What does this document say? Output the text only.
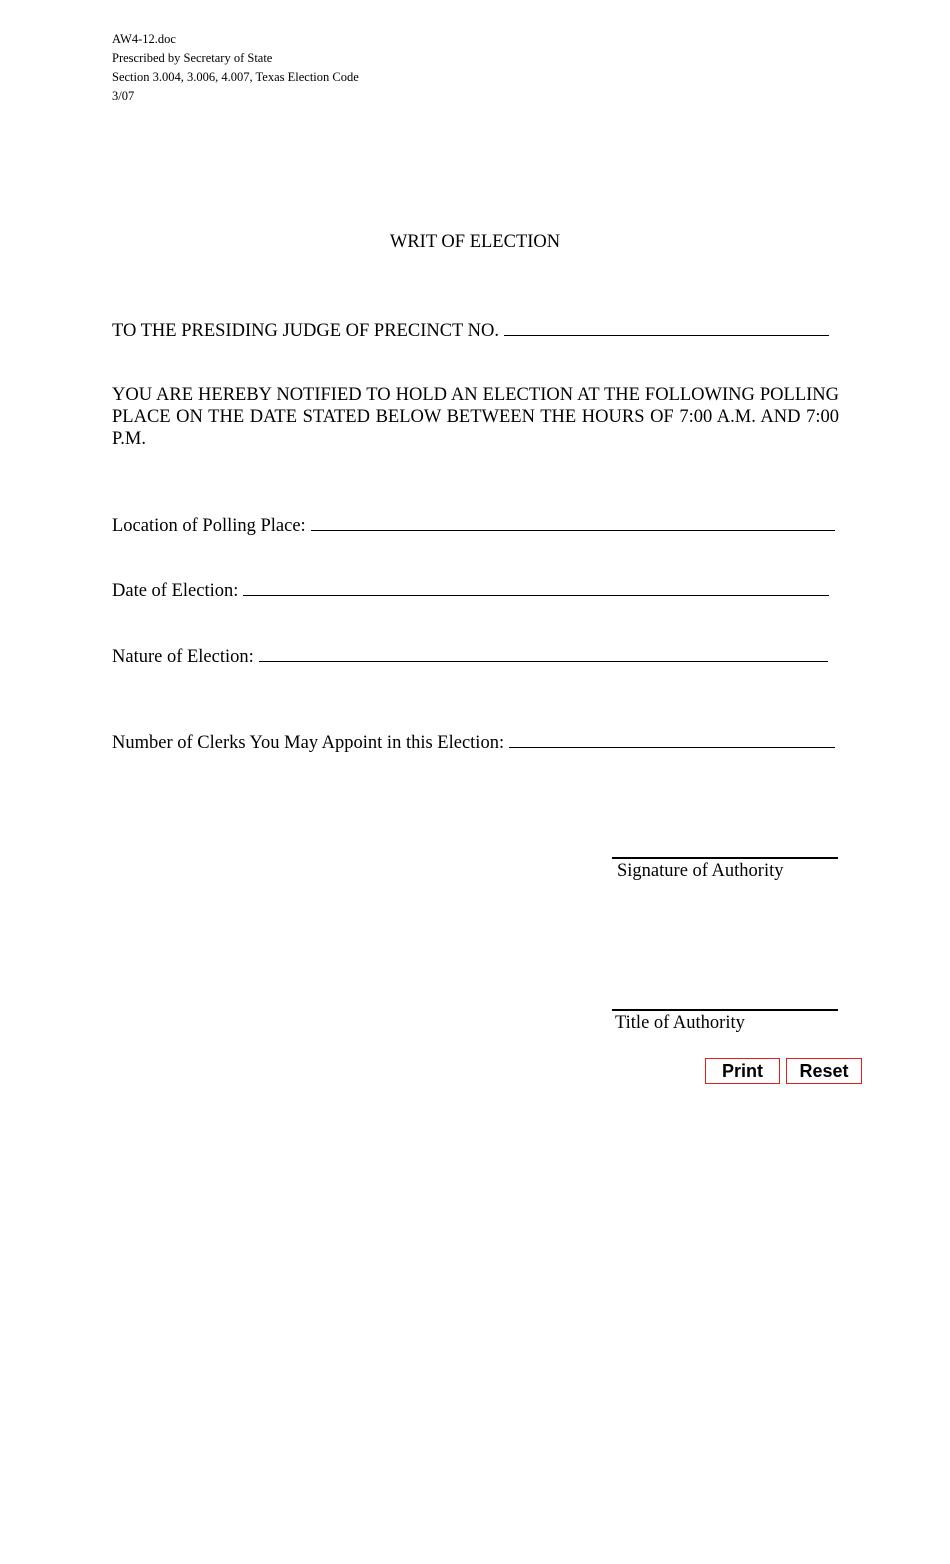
AW4-12.doc
Prescribed by Secretary of State
Section 3.004, 3.006, 4.007, Texas Election Code
3/07
WRIT OF ELECTION
TO THE PRESIDING JUDGE OF PRECINCT NO.
YOU ARE HEREBY NOTIFIED TO HOLD AN ELECTION AT THE FOLLOWING POLLING PLACE ON THE DATE STATED BELOW BETWEEN THE HOURS OF 7:00 A.M. AND 7:00 P.M.
Location of Polling Place:
Date of Election:
Nature of Election:
Number of Clerks You May Appoint in this Election:
Signature of Authority
Title of Authority
Print	Reset
